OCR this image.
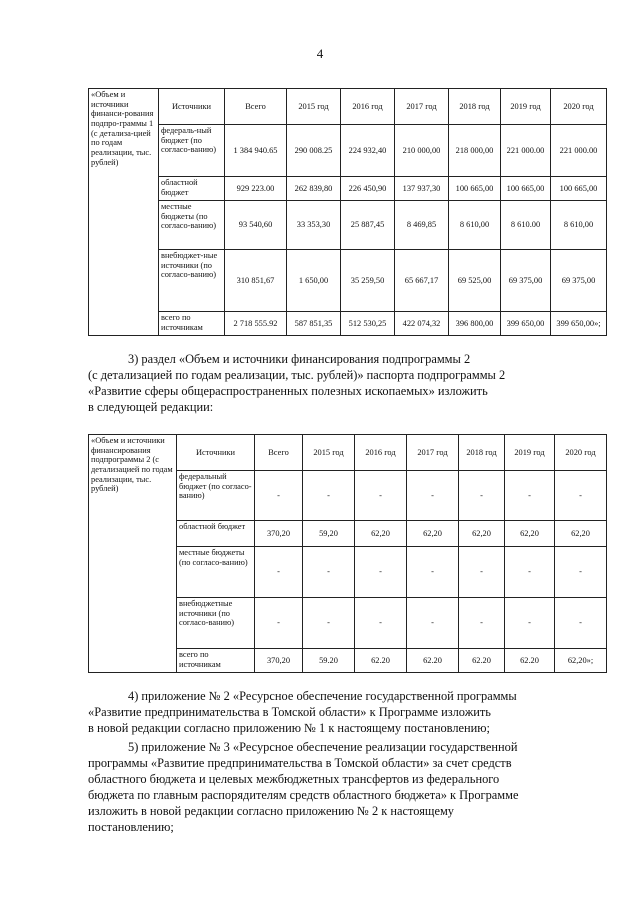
4
«Объем и источники финанси-рования подпро-граммы 1 (с детализа-цией по годам реализации, тыс. рублей)	Источники	Всего	2015 год	2016 год	2017 год	2018 год	2019 год	2020 год
	федераль-ный бюджет (по согласо-ванию)	1 384 940.65	290 008.25	224 932,40	210 000,00	218 000,00	221 000.00	221 000.00
	областной бюджет	929 223.00	262 839,80	226 450,90	137 937,30	100 665,00	100 665,00	100 665,00
	местные бюджеты (по согласо-ванию)	93 540,60	33 353,30	25 887,45	8 469,85	8 610,00	8 610.00	8 610,00
	внебюджет-ные источники (по согласо-ванию)	310 851,67	1 650,00	35 259,50	65 667,17	69 525,00	69 375,00	69 375,00
	всего по источникам	2 718 555.92	587 851,35	512 530,25	422 074,32	396 800,00	399 650,00	399 650,00»;
3) раздел «Объем и источники финансирования подпрограммы 2
(с детализацией по годам реализации, тыс. рублей)» паспорта подпрограммы 2
«Развитие сферы общераспространенных полезных ископаемых» изложить
в следующей редакции:
«Объем и источники финансирования подпрограммы 2 (с детализацией по годам реализации, тыс. рублей)	Источники	Всего	2015 год	2016 год	2017 год	2018 год	2019 год	2020 год
	федеральный бюджет (по согласо-ванию)	-	-	-	-	-	-	-
	областной бюджет	370,20	59,20	62,20	62,20	62,20	62,20	62,20
	местные бюджеты (по согласо-ванию)	-	-	-	-	-	-	-
	внебюджетные источники (по согласо-ванию)	-	-	-	-	-	-	-
	всего по источникам	370,20	59.20	62.20	62.20	62.20	62.20	62,20»;
4) приложение № 2 «Ресурсное обеспечение государственной программы
«Развитие предпринимательства в Томской области» к Программе изложить
в новой редакции согласно приложению № 1 к настоящему постановлению;
5) приложение № 3 «Ресурсное обеспечение реализации государственной
программы «Развитие предпринимательства в Томской области» за счет средств
областного бюджета и целевых межбюджетных трансфертов из федерального
бюджета по главным распорядителям средств областного бюджета» к Программе
изложить в новой редакции согласно приложению № 2 к настоящему
постановлению;
